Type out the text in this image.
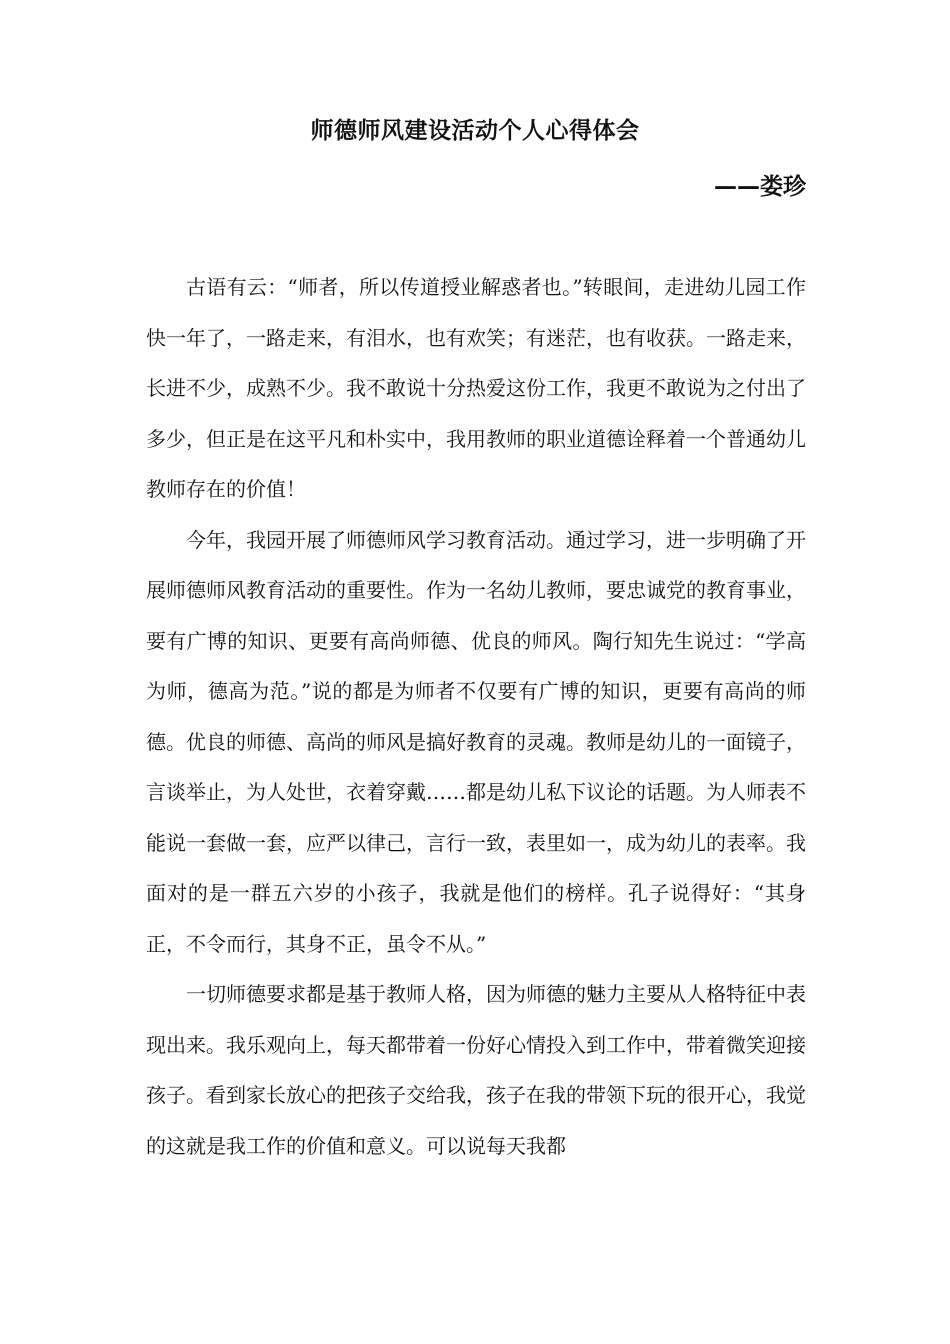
师德师风建设活动个人心得体会
——娄珍

古语有云：“师者，所以传道授业解惑者也。”转眼间，走进幼儿园工作快一年了，一路走来，有泪水，也有欢笑；有迷茫，也有收获。一路走来，长进不少，成熟不少。我不敢说十分热爱这份工作，我更不敢说为之付出了多少，但正是在这平凡和朴实中，我用教师的职业道德诠释着一个普通幼儿教师存在的价值！

今年，我园开展了师德师风学习教育活动。通过学习，进一步明确了开展师德师风教育活动的重要性。作为一名幼儿教师，要忠诚党的教育事业，要有广博的知识、更要有高尚师德、优良的师风。陶行知先生说过：“学高为师，德高为范。”说的都是为师者不仅要有广博的知识，更要有高尚的师德。优良的师德、高尚的师风是搞好教育的灵魂。教师是幼儿的一面镜子，言谈举止，为人处世，衣着穿戴……都是幼儿私下议论的话题。为人师表不能说一套做一套，应严以律己，言行一致，表里如一，成为幼儿的表率。我面对的是一群五六岁的小孩子，我就是他们的榜样。孔子说得好：“其身正，不令而行，其身不正，虽令不从。”

一切师德要求都是基于教师人格，因为师德的魅力主要从人格特征中表现出来。我乐观向上，每天都带着一份好心情投入到工作中，带着微笑迎接孩子。看到家长放心的把孩子交给我，孩子在我的带领下玩的很开心，我觉的这就是我工作的价值和意义。可以说每天我都
